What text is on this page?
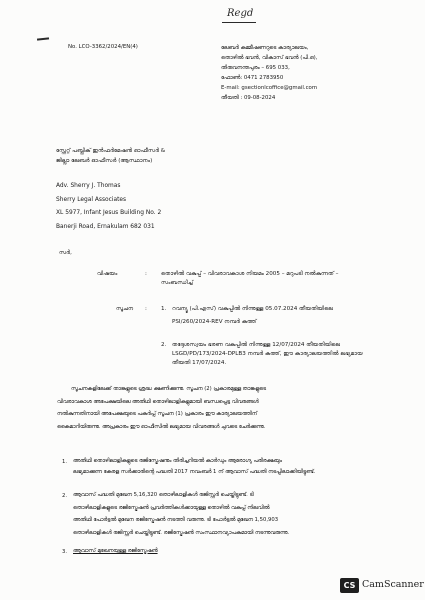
Regd
No. LCO-3362/2024/EN(4)	ലേബർ കമ്മീഷണറുടെ കാര്യാലയം,
തൊഴിൽ ഭവൻ, വികാസ് ഭവൻ (പി.ഒ),
തിരുവനന്തപുരം – 695 033,
ഫോൺ: 0471 2783950
E-mail: gsectionlcoffice@gmail.com
തീയതി : 09-08-2024
സ്റ്റേറ്റ് പബ്ലിക് ഇൻഫർമേഷൻ ഓഫീസർ &
ജില്ലാ ലേബർ ഓഫീസർ (ആസ്ഥാനം)
Adv. Sherry J. Thomas
Sherry Legal Associates
XL 5977, Infant Jesus Building No. 2
Banerji Road, Ernakulam 682 031
സർ,
വിഷയം	:	തൊഴിൽ വകുപ്പ് – വിവരാവകാശ നിയമം 2005 – മറുപടി നൽകുന്നത് –
സംബന്ധിച്ച്
സൂചന :	1. റവന്യൂ (പി.എസ്) വകുപ്പിൽ നിന്നുള്ള 05.07.2024 തീയതിയിലെ
PSI/260/2024-REV നമ്പർ കത്ത്
2. തദ്ദേശസ്വയം ഭരണ വകുപ്പിൽ നിന്നുള്ള 12/07/2024 തീയതിയിലെ
LSGD/PD/173/2024-DPLB3 നമ്പർ കത്ത്, ഈ കാര്യാലയത്തിൽ ലഭ്യമായ
തീയതി 17/07/2024.
സൂചനകളിലേക്ക് താങ്കളുടെ ശ്രദ്ധ ക്ഷണിക്കുന്നു. സൂചന (2) പ്രകാരമുള്ള താങ്കളുടെ
വിവരാവകാശ അപേക്ഷയിലെ അതിഥി തൊഴിലാളികളുമായി ബന്ധപ്പെട്ട വിവരങ്ങൾ
നൽകുന്നതിനായി അപേക്ഷയുടെ പകർപ്പ് സൂചന (1) പ്രകാരം ഈ കാര്യാലയത്തിന്
കൈമാറിയിരുന്നു. അപ്രകാരം ഈ ഓഫീസിൽ ലഭ്യമായ വിവരങ്ങൾ ചുവടെ ചേർക്കുന്നു.
1. അതിഥി തൊഴിലാളികളുടെ രജിസ്ട്രേഷനും തിരിച്ചറിയൽ കാർഡും ആരോഗ്യ പരിരക്ഷയും
ലഭ്യമാക്കുന്ന കേരള സർക്കാരിന്റെ പദ്ധതി 2017 നവംബർ 1 ന് ആവാസ് പദ്ധതി നടപ്പിലാക്കിയിട്ടുണ്ട്.
2. ആവാസ് പദ്ധതി മുഖേന 5,16,320 തൊഴിലാളികൾ രജിസ്റ്റർ ചെയ്തിട്ടുണ്ട്. ടി
തൊഴിലാളികളുടെ രജിസ്ട്രേഷൻ പ്രവർത്തികൾക്കായുള്ള തൊഴിൽ വകുപ്പ് നിലവിൽ
അതിഥി പോർട്ടൽ മുഖേന രജിസ്ട്രേഷൻ നടത്തി വരുന്നു. ടി പോർട്ടൽ മുഖേന 1,50,903
തൊഴിലാളികൾ രജിസ്റ്റർ ചെയ്തിട്ടുണ്ട്. രജിസ്ട്രേഷൻ സംസ്ഥാനവ്യാപകമായി നടന്നുവരുന്നു.
3. ആവാസ് മുഖേനയുള്ള രജിസ്ട്രേഷൻ
CS CamScanner
